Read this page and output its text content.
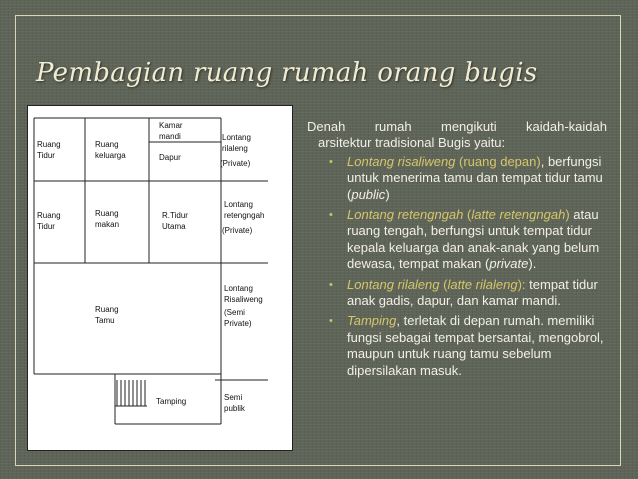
Pembagian ruang rumah orang bugis
Ruang
Tidur
Ruang
keluarga
Kamar
mandi
Dapur
Lontang
rilaleng
(Private)
Ruang
Tidur
Ruang
makan
R.Tidur
Utama
Lontang
retengngah
(Private)
Lontang
Risaliweng
(Semi
Private)
Ruang
Tamu
Tamping	Semi
publik
Denah rumah mengikuti kaidah-kaidah
arsitektur tradisional Bugis yaitu:
• Lontang risaliweng (ruang depan), berfungsi untuk menerima tamu dan tempat tidur tamu (public)
• Lontang retengngah (latte retengngah) atau ruang tengah, berfungsi untuk tempat tidur kepala keluarga dan anak-anak yang belum dewasa, tempat makan (private).
• Lontang rilaleng (latte rilaleng): tempat tidur anak gadis, dapur, dan kamar mandi.
• Tamping, terletak di depan rumah. memiliki fungsi sebagai tempat bersantai, mengobrol, maupun untuk ruang tamu sebelum dipersilakan masuk.
